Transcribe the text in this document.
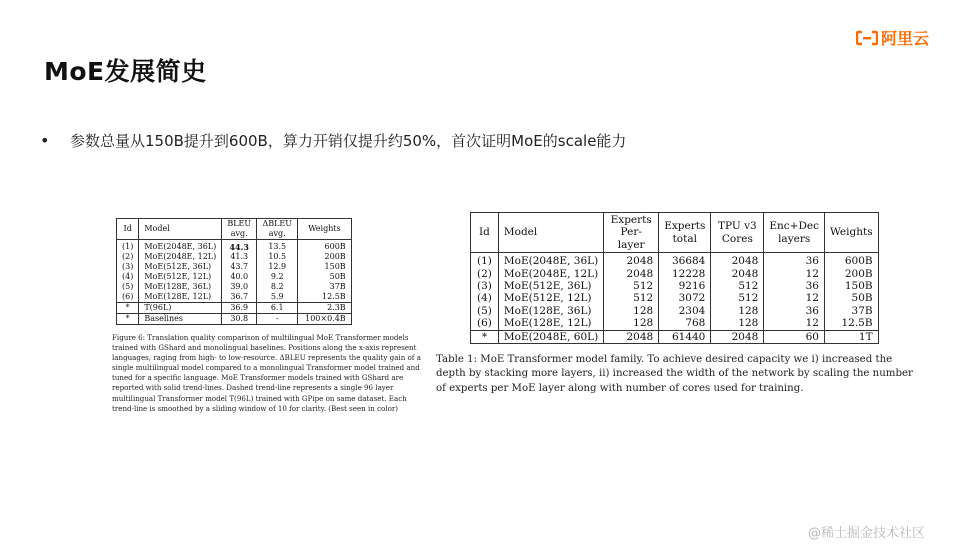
阿里云
MoE发展简史
•	参数总量从150B提升到600B，算力开销仅提升约50%，首次证明MoE的scale能力
Id	Model	BLEU avg.	ΔBLEU avg.	Weights
(1)	MoE(2048E, 36L)	44.3	13.5	600B
(2)	MoE(2048E, 12L)	41.3	10.5	200B
(3)	MoE(512E, 36L)	43.7	12.9	150B
(4)	MoE(512E, 12L)	40.0	9.2	50B
(5)	MoE(128E, 36L)	39.0	8.2	37B
(6)	MoE(128E, 12L)	36.7	5.9	12.5B
*	T(96L)	36.9	6.1	2.3B
*	Baselines	30.8	-	100×0.4B
Figure 6: Translation quality comparison of multilingual MoE Transformer models trained with GShard and monolingual baselines. Positions along the x-axis represent languages, raging from high- to low-resource. ΔBLEU represents the quality gain of a single multilingual model compared to a monolingual Transformer model trained and tuned for a specific language. MoE Transformer models trained with GShard are reported with solid trend-lines. Dashed trend-line represents a single 96 layer multilingual Transformer model T(96L) trained with GPipe on same dataset. Each trend-line is smoothed by a sliding window of 10 for clarity. (Best seen in color)
Id	Model	Experts Per-layer	Experts total	TPU v3 Cores	Enc+Dec layers	Weights
(1)	MoE(2048E, 36L)	2048	36684	2048	36	600B
(2)	MoE(2048E, 12L)	2048	12228	2048	12	200B
(3)	MoE(512E, 36L)	512	9216	512	36	150B
(4)	MoE(512E, 12L)	512	3072	512	12	50B
(5)	MoE(128E, 36L)	128	2304	128	36	37B
(6)	MoE(128E, 12L)	128	768	128	12	12.5B
*	MoE(2048E, 60L)	2048	61440	2048	60	1T
Table 1: MoE Transformer model family. To achieve desired capacity we i) increased the depth by stacking more layers, ii) increased the width of the network by scaling the number of experts per MoE layer along with number of cores used for training.
@稀土掘金技术社区
